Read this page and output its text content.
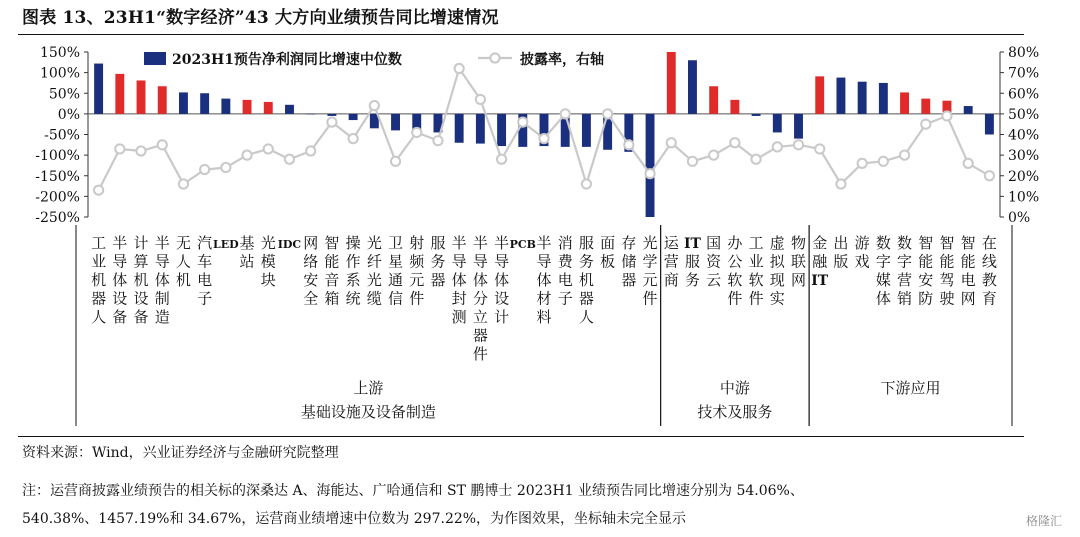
图表 13、23H1“数字经济”43 大方向业绩预告同比增速情况
150%
100%
50%
0%
-50%
-100%
-150%
-200%
-250%
80%
70%
60%
50%
40%
30%
20%
10%
0%
工业机器人
半导体设备
计算机设备
半导体制造
无人机
汽车电子
LED 基站
光模块
IDC 网络安全
智能音箱
操作系统
光纤光缆
卫星通信
射频元件
服务器
半导体封测
半导体分立器件
半导体设计
PCB 半导体材料
消费电子
服务机器人
面板
存储器
光学元件
运营商
IT 服务
国资云
办公软件
工业软件
虚拟现实
物联网
金融 IT
出版
游戏
数字媒体
数字营销
智能安防
智能驾驶
智能电网
在线教育
上游
基础设施及设备制造
中游
技术及服务
下游应用
2023H1预告净利润同比增速中位数	披露率，右轴
资料来源：Wind，兴业证券经济与金融研究院整理
注：运营商披露业绩预告的相关标的深桑达 A、海能达、广哈通信和 ST 鹏博士 2023H1 业绩预告同比增速分别为 54.06%、
540.38%、1457.19%和 34.67%，运营商业绩增速中位数为 297.22%，为作图效果，坐标轴未完全显示	格隆汇
